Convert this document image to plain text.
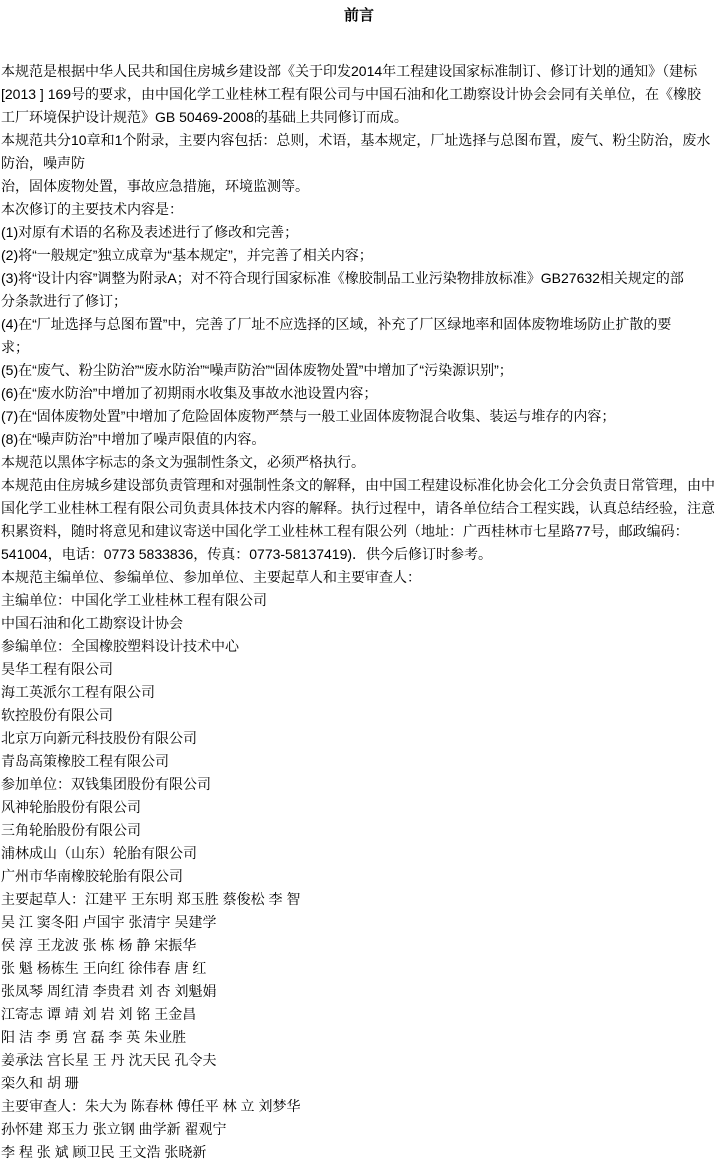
前言
本规范是根据中华人民共和国住房城乡建设部《关于印发2014年工程建设国家标准制订、修订计划的通知》（建标
[2013 ] 169号的要求，由中国化学工业桂林工程有限公司与中国石油和化工勘察设计协会会同有关单位，在《橡胶
工厂环境保护设计规范》GB 50469-2008的基础上共同修订而成。
本规范共分10章和1个附录，主要内容包括：总则，术语，基本规定，厂址选择与总图布置，废气、粉尘防治，废水
防治，噪声防
治，固体废物处置，事故应急措施，环境监测等。
本次修订的主要技术内容是：
(1)对原有术语的名称及表述进行了修改和完善；
(2)将“一般规定”独立成章为“基本规定”，并完善了相关内容；
(3)将“设计内容”调整为附录A；对不符合现行国家标准《橡胶制品工业污染物排放标准》GB27632相关规定的部
分条款进行了修订；
(4)在“厂址选择与总图布置”中，完善了厂址不应选择的区域，补充了厂区绿地率和固体废物堆场防止扩散的要
求；
(5)在“废气、粉尘防治”“废水防治”“噪声防治”“固体废物处置”中增加了“污染源识别”；
(6)在“废水防治”中增加了初期雨水收集及事故水池设置内容；
(7)在“固体废物处置”中增加了危险固体废物严禁与一般工业固体废物混合收集、装运与堆存的内容；
(8)在“噪声防治”中增加了噪声限值的内容。
本规范以黑体字标志的条文为强制性条文，必须严格执行。
本规范由住房城乡建设部负责管理和对强制性条文的解释，由中国工程建设标准化协会化工分会负责日常管理，由中
国化学工业桂林工程有限公司负责具体技术内容的解释。执行过程中，请各单位结合工程实践，认真总结经验，注意
积累资料，随时将意见和建议寄送中国化学工业桂林工程有限公列（地址：广西桂林市七星路77号，邮政编码：
541004，电话：0773 5833836，传真：0773-58137419)．供今后修订时参考。
本规范主编单位、参编单位、参加单位、主要起草人和主要审查人：
主编单位：中国化学工业桂林工程有限公司
中国石油和化工勘察设计协会
参编单位：全国橡胶塑料设计技术中心
昊华工程有限公司
海工英派尔工程有限公司
软控股份有限公司
北京万向新元科技股份有限公司
青岛高策橡胶工程有限公司
参加单位：双钱集团股份有限公司
风神轮胎股份有限公司
三角轮胎股份有限公司
浦林成山（山东）轮胎有限公司
广州市华南橡胶轮胎有限公司
主要起草人：江建平 王东明 郑玉胜 蔡俊松 李 智
吴 江 窦冬阳 卢国宇 张清宇 吴建学
侯 淳 王龙波 张 栋 杨 静 宋振华
张 魁 杨栋生 王向红 徐伟春 唐 红
张凤琴 周红清 李贵君 刘 杏 刘魁娟
江寄志 谭 靖 刘 岩 刘 铭 王金昌
阳 洁 李 勇 宫 磊 李 英 朱业胜
姜承法 宫长星 王 丹 沈天民 孔令夫
栾久和 胡 珊
主要审查人：朱大为 陈春林 傅任平 林 立 刘梦华
孙怀建 郑玉力 张立钢 曲学新 翟观宁
李 程 张 斌 顾卫民 王文浩 张晓新
